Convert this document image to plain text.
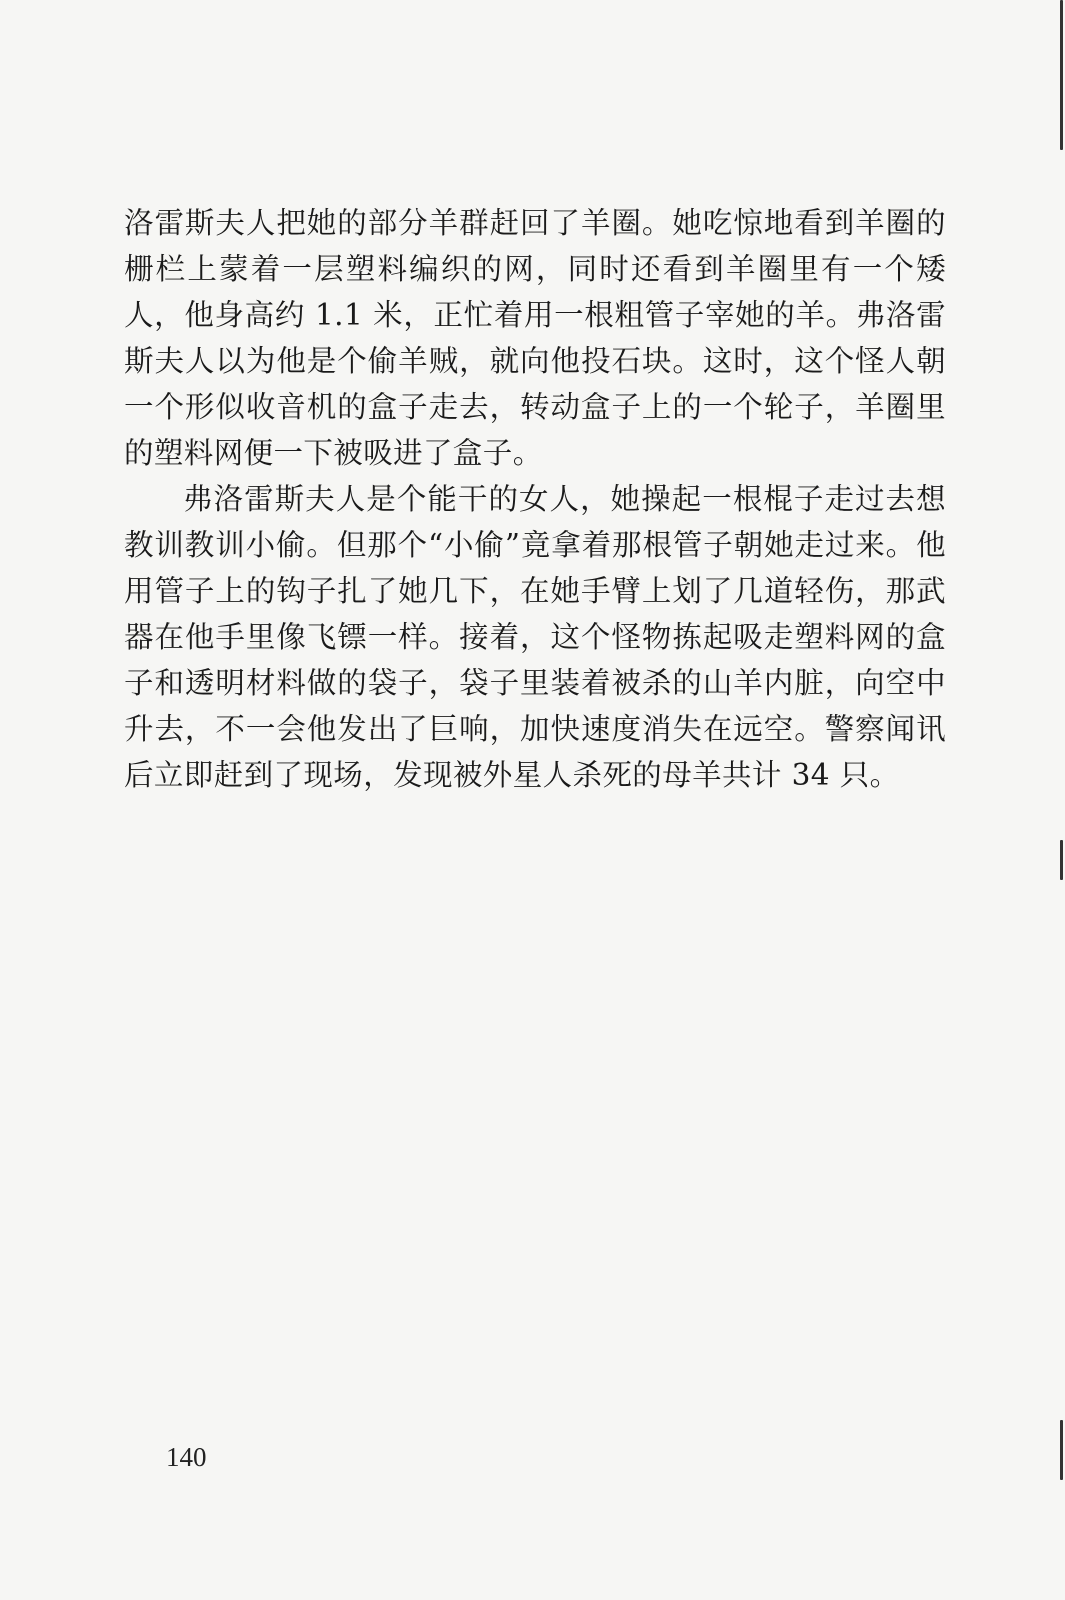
洛雷斯夫人把她的部分羊群赶回了羊圈。她吃惊地看到羊圈的栅栏上蒙着一层塑料编织的网，同时还看到羊圈里有一个矮人，他身高约 1.1 米，正忙着用一根粗管子宰她的羊。弗洛雷斯夫人以为他是个偷羊贼，就向他投石块。这时，这个怪人朝一个形似收音机的盒子走去，转动盒子上的一个轮子，羊圈里的塑料网便一下被吸进了盒子。

弗洛雷斯夫人是个能干的女人，她操起一根棍子走过去想教训教训小偷。但那个“小偷”竟拿着那根管子朝她走过来。他用管子上的钩子扎了她几下，在她手臂上划了几道轻伤，那武器在他手里像飞镖一样。接着，这个怪物拣起吸走塑料网的盒子和透明材料做的袋子，袋子里装着被杀的山羊内脏，向空中升去，不一会他发出了巨响，加快速度消失在远空。警察闻讯后立即赶到了现场，发现被外星人杀死的母羊共计 34 只。

140
